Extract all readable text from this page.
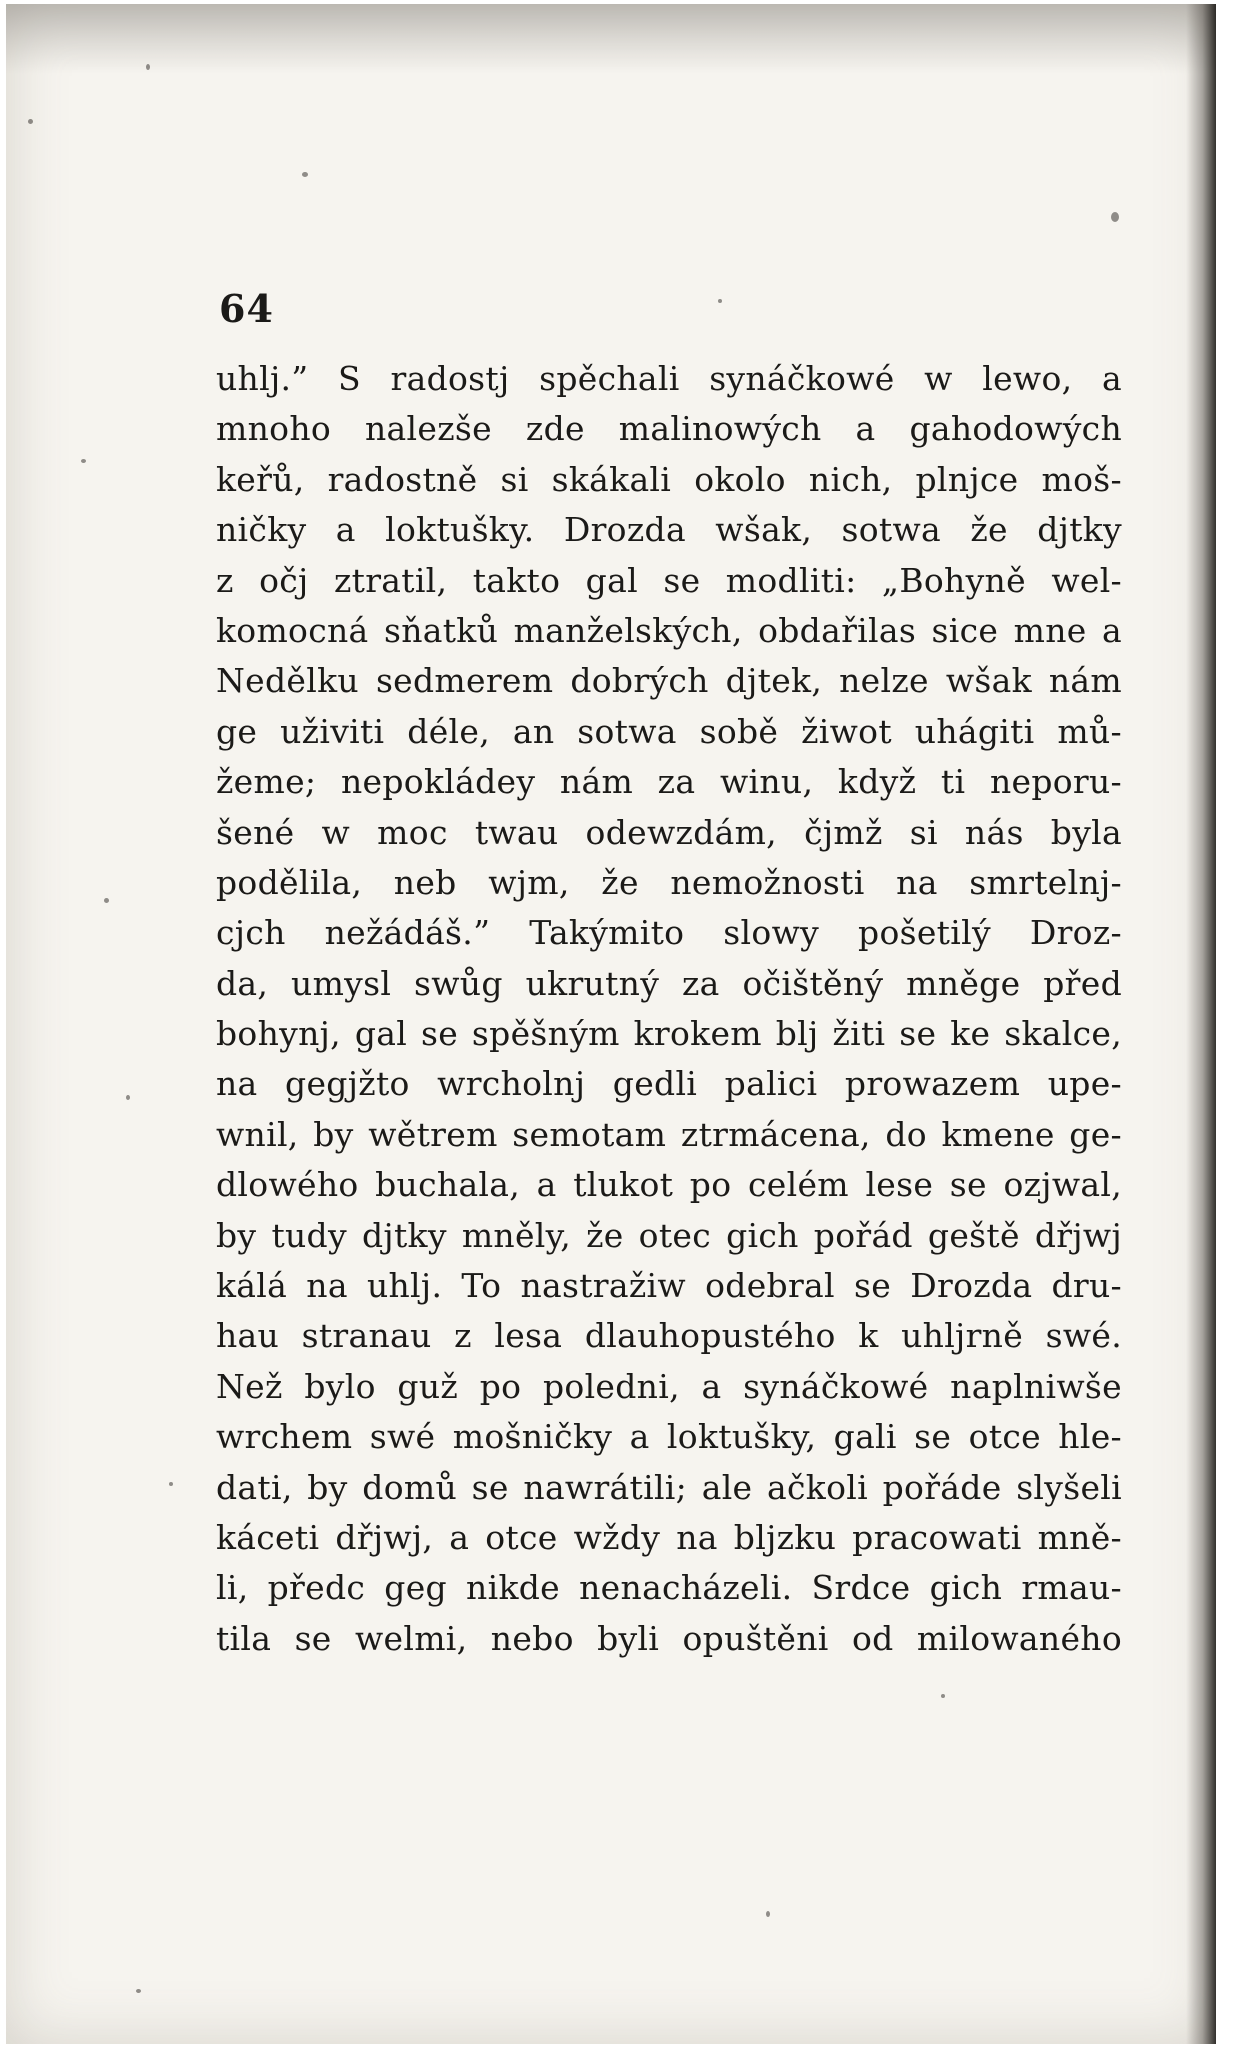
64
uhlj.” S radostj spěchali synáčkowé w lewo, a
mnoho nalezše zde malinowých a gahodowých
keřů, radostně si skákali okolo nich, plnjce moš-
ničky a loktušky. Drozda wšak, sotwa že djtky
z očj ztratil, takto gal se modliti: „Bohyně wel-
komocná sňatků manželských, obdařilas sice mne a
Nedělku sedmerem dobrých djtek, nelze wšak nám
ge uživiti déle, an sotwa sobě žiwot uhágiti mů-
žeme; nepokládey nám za winu, když ti neporu-
šené w moc twau odewzdám, čjmž si nás byla
podělila, neb wjm, že nemožnosti na smrtelnj-
cjch nežádáš.” Takýmito slowy pošetilý Droz-
da, umysl swůg ukrutný za očištěný mněge před
bohynj, gal se spěšným krokem blj žiti se ke skalce,
na gegjžto wrcholnj gedli palici prowazem upe-
wnil, by wětrem semotam ztrmácena, do kmene ge-
dlowého buchala, a tlukot po celém lese se ozjwal,
by tudy djtky mněly, že otec gich pořád geště dřjwj
kálá na uhlj. To nastražiw odebral se Drozda dru-
hau stranau z lesa dlauhopustého k uhljrně swé.
Než bylo guž po poledni, a synáčkowé naplniwše
wrchem swé mošničky a loktušky, gali se otce hle-
dati, by domů se nawrátili; ale ačkoli pořáde slyšeli
káceti dřjwj, a otce wždy na bljzku pracowati mně-
li, předc geg nikde nenacházeli. Srdce gich rmau-
tila se welmi, nebo byli opuštěni od milowaného
